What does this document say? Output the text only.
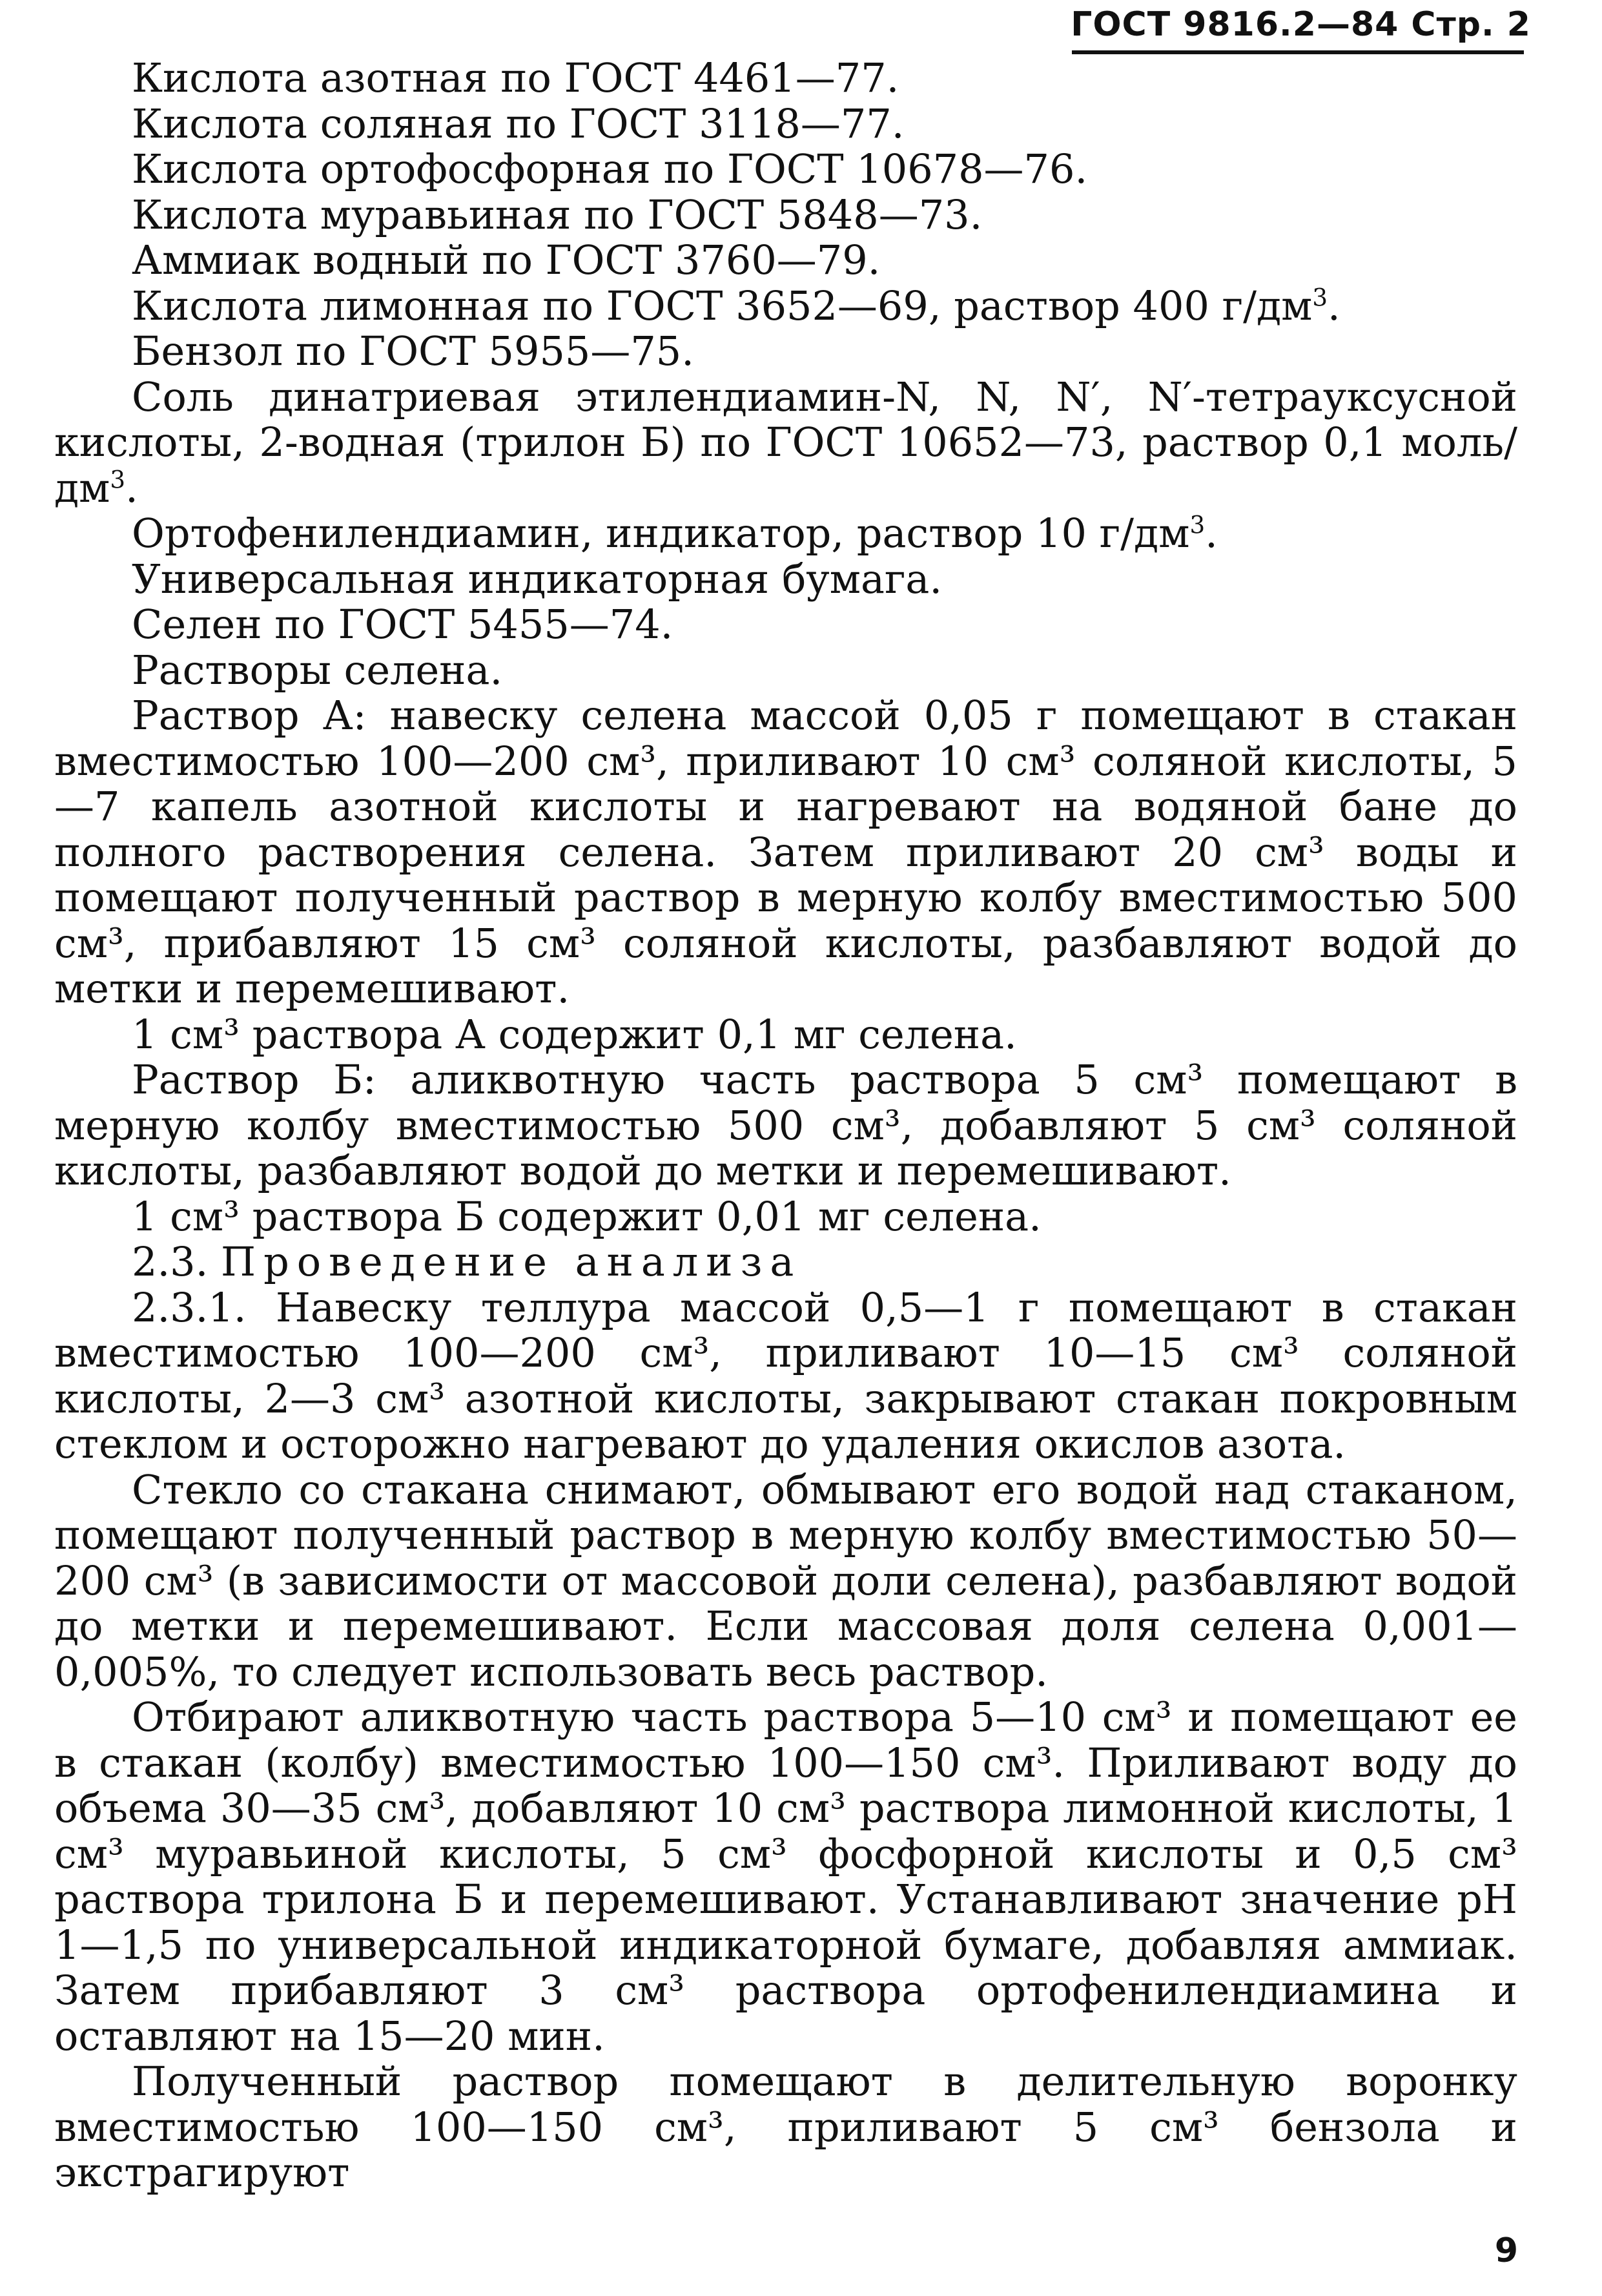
ГОСТ 9816.2—84 Стр. 2

Кислота азотная по ГОСТ 4461—77.

Кислота соляная по ГОСТ 3118—77.

Кислота ортофосфорная по ГОСТ 10678—76.

Кислота муравьиная по ГОСТ 5848—73.

Аммиак водный по ГОСТ 3760—79.

Кислота лимонная по ГОСТ 3652—69, раствор 400 $г/дм^3$.

Бензол по ГОСТ 5955—75.

Соль динатриевая этилендиамин-N, N, N′, N′-тетрауксусной кислоты, 2-водная (трилон Б) по ГОСТ 10652—73, раствор 0,1 моль/$дм^3$.

Ортофенилендиамин, индикатор, раствор 10 $г/дм^3$.

Универсальная индикаторная бумага.

Селен по ГОСТ 5455—74.

Растворы селена.

Раствор А: навеску селена массой 0,05 г помещают в стакан вместимостью 100—200 см³, приливают 10 см³ соляной кислоты, 5—7 капель азотной кислоты и нагревают на водяной бане до полного растворения селена. Затем приливают 20 см³ воды и помещают полученный раствор в мерную колбу вместимостью 500 см³, прибавляют 15 см³ соляной кислоты, разбавляют водой до метки и перемешивают.

1 см³ раствора А содержит 0,1 мг селена.

Раствор Б: аликвотную часть раствора 5 см³ помещают в мерную колбу вместимостью 500 см³, добавляют 5 см³ соляной кислоты, разбавляют водой до метки и перемешивают.

1 см³ раствора Б содержит 0,01 мг селена.

2.3. Проведение анализа

2.3.1. Навеску теллура массой 0,5—1 г помещают в стакан вместимостью 100—200 см³, приливают 10—15 см³ соляной кислоты, 2—3 см³ азотной кислоты, закрывают стакан покровным стеклом и осторожно нагревают до удаления окислов азота.

Стекло со стакана снимают, обмывают его водой над стаканом, помещают полученный раствор в мерную колбу вместимостью 50—200 см³ (в зависимости от массовой доли селена), разбавляют водой до метки и перемешивают. Если массовая доля селена 0,001—0,005%, то следует использовать весь раствор.

Отбирают аликвотную часть раствора 5—10 см³ и помещают ее в стакан (колбу) вместимостью 100—150 см³. Приливают воду до объема 30—35 см³, добавляют 10 см³ раствора лимонной кислоты, 1 см³ муравьиной кислоты, 5 см³ фосфорной кислоты и 0,5 см³ раствора трилона Б и перемешивают. Устанавливают значение pH 1—1,5 по универсальной индикаторной бумаге, добавляя аммиак. Затем прибавляют 3 см³ раствора ортофенилендиамина и оставляют на 15—20 мин.

Полученный раствор помещают в делительную воронку вместимостью 100—150 см³, приливают 5 см³ бензола и экстрагируют

9
